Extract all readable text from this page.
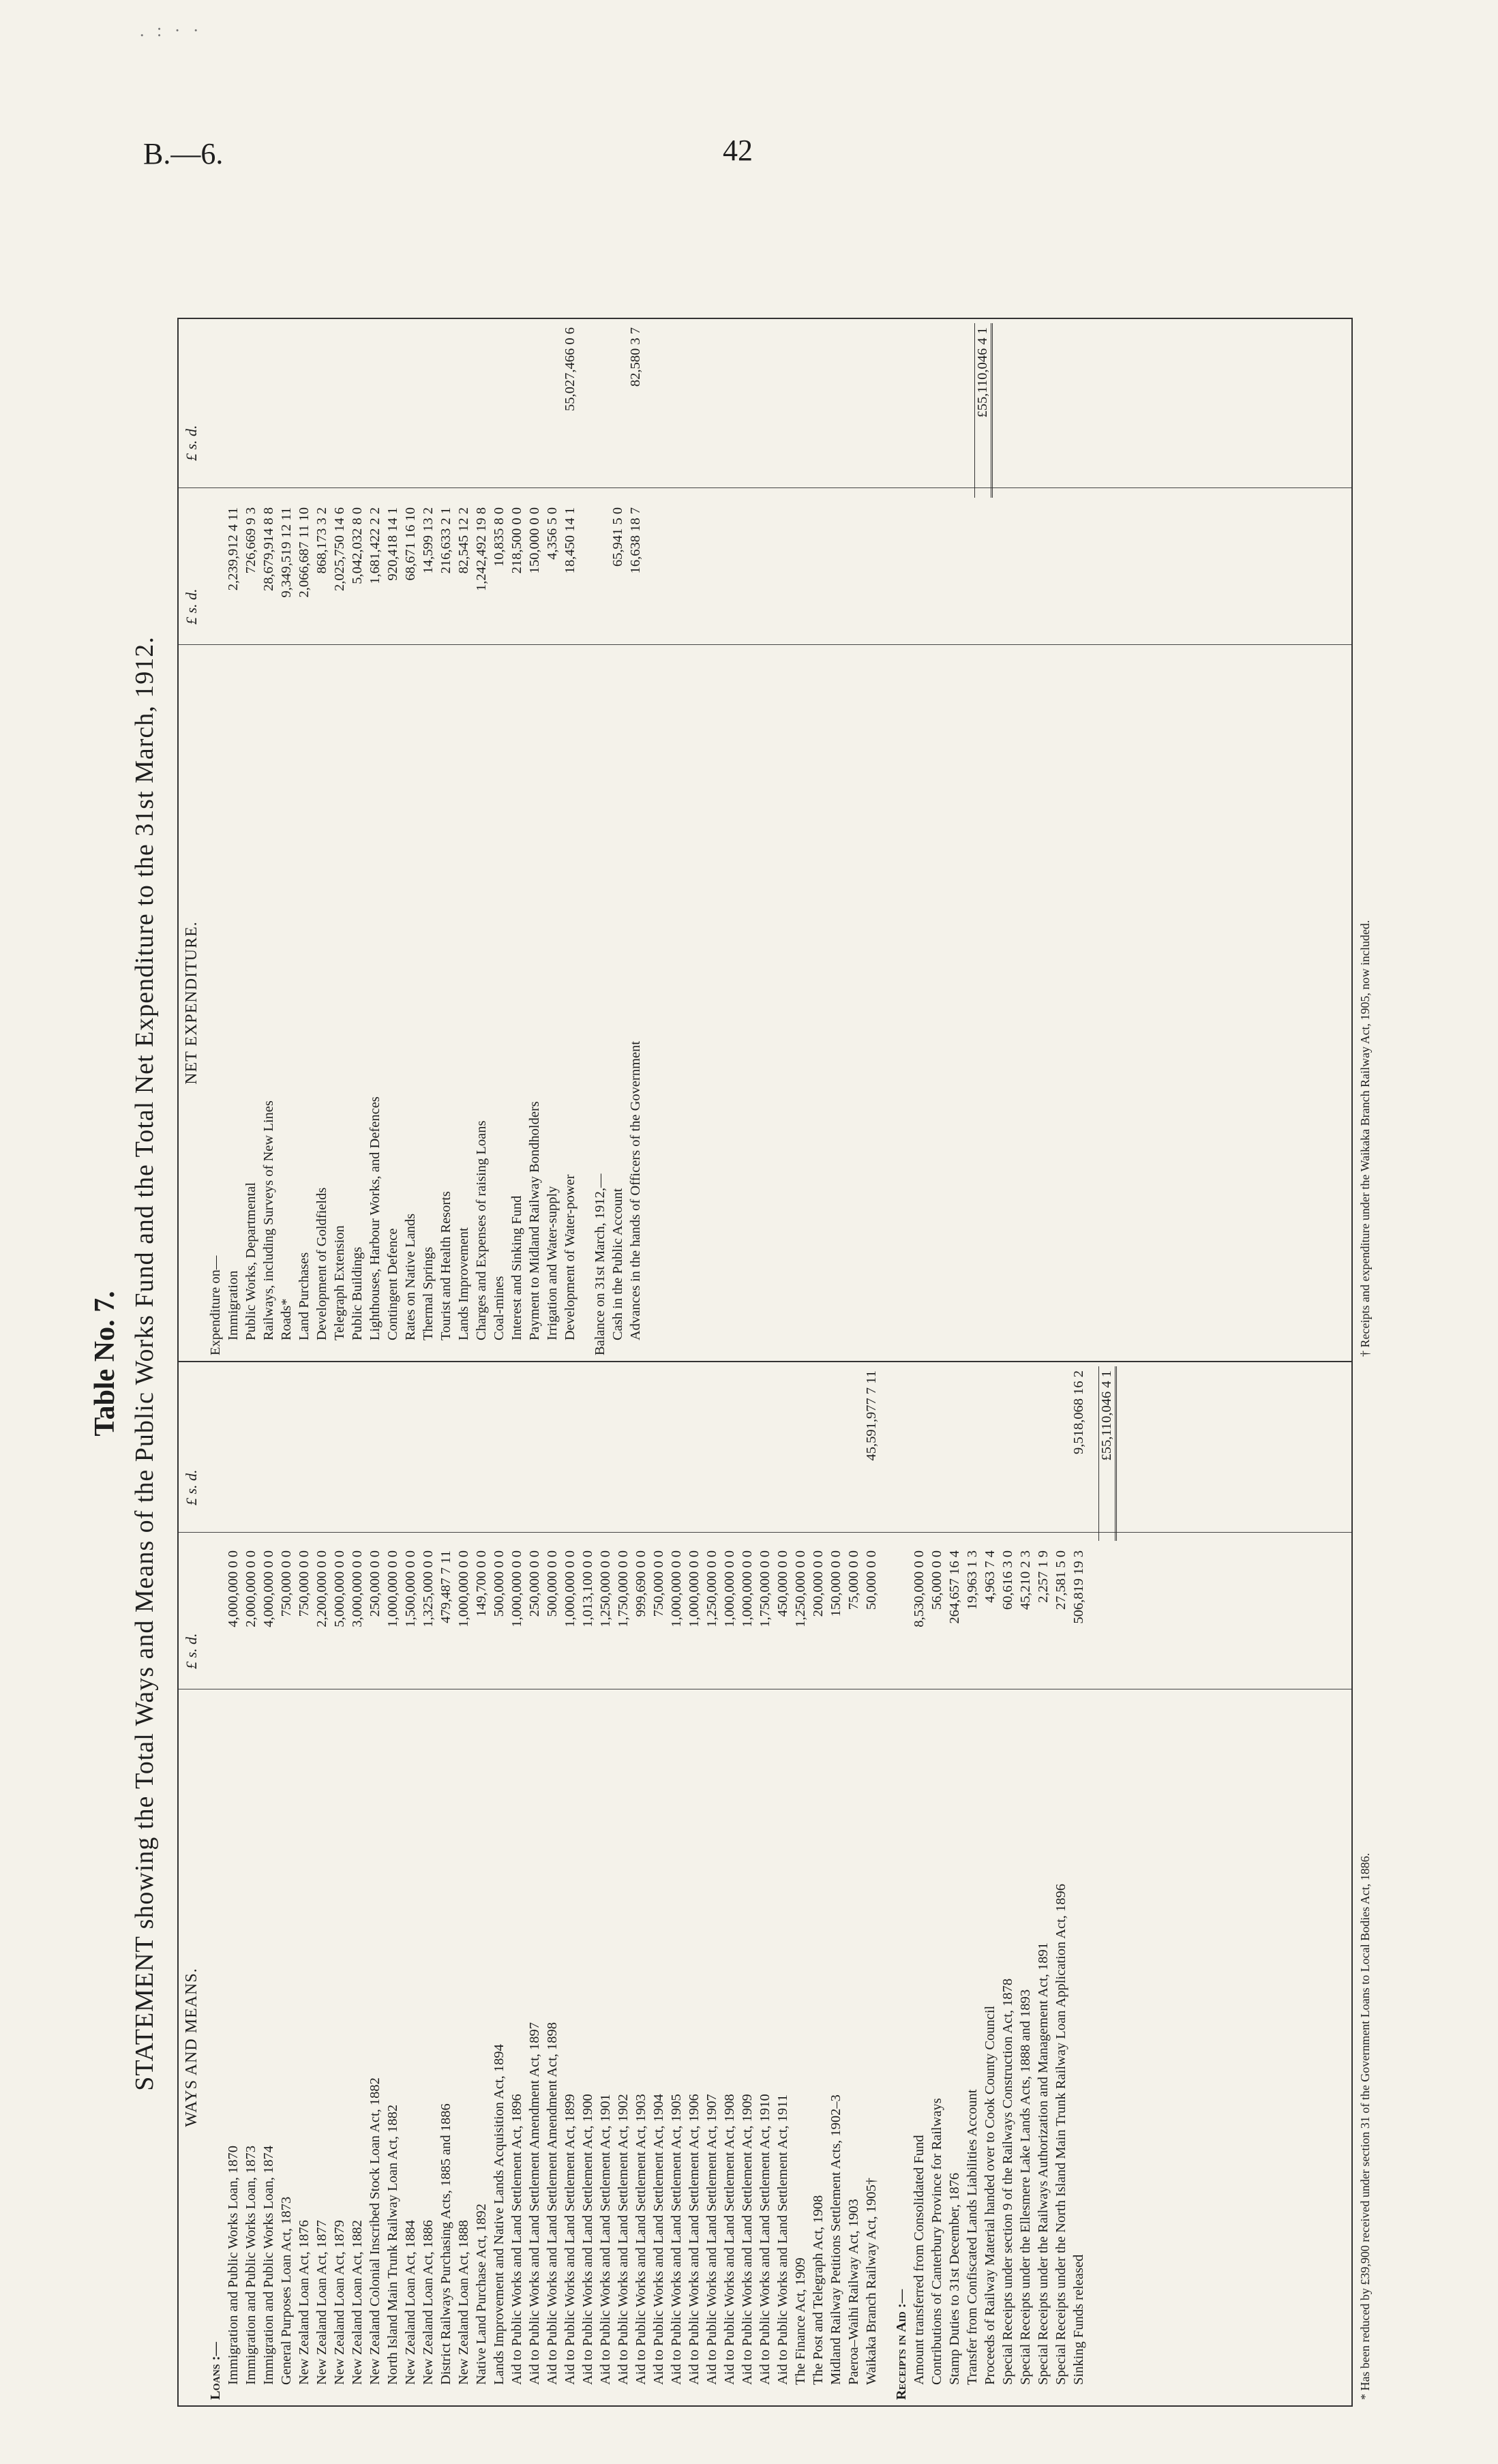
. : · ·
B.—6.	42
Table No. 7. STATEMENT showing the Total Ways and Means of the Public Works Fund and the Total Net Expenditure to the 31st March, 1912. WAYS AND MEANS.
£ s. d.
£ s. d.
Loans :— Immigration and Public Works Loan, 1870
4,000,000 0 0
Immigration and Public Works Loan, 1873
2,000,000 0 0
Immigration and Public Works Loan, 1874
4,000,000 0 0
General Purposes Loan Act, 1873
750,000 0 0
New Zealand Loan Act, 1876
750,000 0 0
New Zealand Loan Act, 1877
2,200,000 0 0
New Zealand Loan Act, 1879
5,000,000 0 0
New Zealand Loan Act, 1882
3,000,000 0 0
New Zealand Colonial Inscribed Stock Loan Act, 1882
250,000 0 0
North Island Main Trunk Railway Loan Act, 1882
1,000,000 0 0
New Zealand Loan Act, 1884
1,500,000 0 0
New Zealand Loan Act, 1886
1,325,000 0 0
District Railways Purchasing Acts, 1885 and 1886
479,487 7 11
New Zealand Loan Act, 1888
1,000,000 0 0
Native Land Purchase Act, 1892
149,700 0 0
Lands Improvement and Native Lands Acquisition Act, 1894
500,000 0 0
Aid to Public Works and Land Settlement Act, 1896
1,000,000 0 0
Aid to Public Works and Land Settlement Amendment Act, 1897
250,000 0 0
Aid to Public Works and Land Settlement Amendment Act, 1898
500,000 0 0
Aid to Public Works and Land Settlement Act, 1899
1,000,000 0 0
Aid to Public Works and Land Settlement Act, 1900
1,013,100 0 0
Aid to Public Works and Land Settlement Act, 1901
1,250,000 0 0
Aid to Public Works and Land Settlement Act, 1902
1,750,000 0 0
Aid to Public Works and Land Settlement Act, 1903
999,690 0 0
Aid to Public Works and Land Settlement Act, 1904
750,000 0 0
Aid to Public Works and Land Settlement Act, 1905
1,000,000 0 0
Aid to Public Works and Land Settlement Act, 1906
1,000,000 0 0
Aid to Public Works and Land Settlement Act, 1907
1,250,000 0 0
Aid to Public Works and Land Settlement Act, 1908
1,000,000 0 0
Aid to Public Works and Land Settlement Act, 1909
1,000,000 0 0
Aid to Public Works and Land Settlement Act, 1910
1,750,000 0 0
Aid to Public Works and Land Settlement Act, 1911
450,000 0 0
The Finance Act, 1909
1,250,000 0 0
The Post and Telegraph Act, 1908
200,000 0 0
Midland Railway Petitions Settlement Acts, 1902–3
150,000 0 0
Paeroa–Waihi Railway Act, 1903
75,000 0 0
Waikaka Branch Railway Act, 1905†
50,000 0 0
45,591,977 7 11
Receipts in Aid :— Amount transferred from Consolidated Fund
8,530,000 0 0
Contributions of Canterbury Province for Railways
56,000 0 0
Stamp Duties to 31st December, 1876
264,657 16 4
Transfer from Confiscated Lands Liabilities Account
19,963 1 3
Proceeds of Railway Material handed over to Cook County Council
4,963 7 4
Special Receipts under section 9 of the Railways Construction Act, 1878
60,616 3 0
Special Receipts under the Ellesmere Lake Lands Acts, 1888 and 1893
45,210 2 3
Special Receipts under the Railways Authorization and Management Act, 1891
2,257 1 9
Special Receipts under the North Island Main Trunk Railway Loan Application Act, 1896
27,581 5 0
Sinking Funds released
506,819 19 3
9,518,068 16 2 £55,110,046 4 1
NET EXPENDITURE.
£ s. d.
£ s. d.
Expenditure on— Immigration
2,239,912 4 11
Public Works, Departmental
726,669 9 3
Railways, including Surveys of New Lines
28,679,914 8 8
Roads*
9,349,519 12 11
Land Purchases
2,066,687 11 10
Development of Goldfields
868,173 3 2
Telegraph Extension
2,025,750 14 6
Public Buildings
5,042,032 8 0
Lighthouses, Harbour Works, and Defences
1,681,422 2 2
Contingent Defence
920,418 14 1
Rates on Native Lands
68,671 16 10
Thermal Springs
14,599 13 2
Tourist and Health Resorts
216,633 2 1
Lands Improvement
82,545 12 2
Charges and Expenses of raising Loans
1,242,492 19 8
Coal-mines
10,835 8 0
Interest and Sinking Fund
218,500 0 0
Payment to Midland Railway Bondholders
150,000 0 0
Irrigation and Water-supply
4,356 5 0
Development of Water-power
18,450 14 1
55,027,466 0 6
Balance on 31st March, 1912,— Cash in the Public Account
65,941 5 0
Advances in the hands of Officers of the Government
16,638 18 7
82,580 3 7	£55,110,046 4 1
* Has been reduced by £39,900 received under section 31 of the Government Loans to Local Bodies Act, 1886.
† Receipts and expenditure under the Waikaka Branch Railway Act, 1905, now included.
